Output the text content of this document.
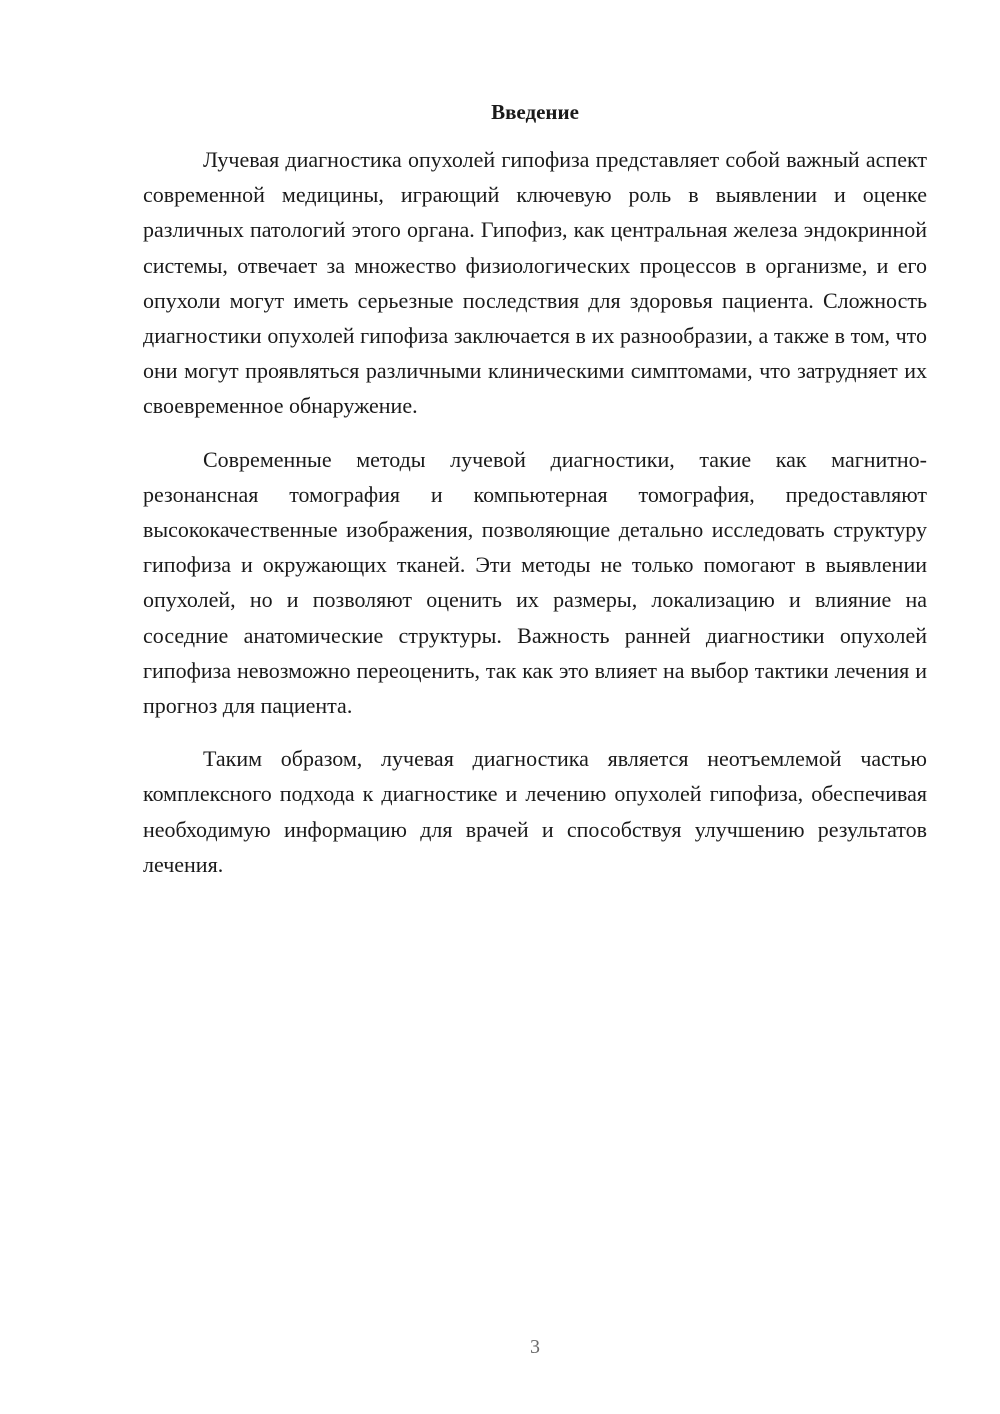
Введение

Лучевая диагностика опухолей гипофиза представляет собой важный аспект современной медицины, играющий ключевую роль в выявлении и оценке различных патологий этого органа. Гипофиз, как центральная железа эндокринной системы, отвечает за множество физиологических процессов в организме, и его опухоли могут иметь серьезные последствия для здоровья пациента. Сложность диагностики опухолей гипофиза заключается в их разнообразии, а также в том, что они могут проявляться различными клиническими симптомами, что затрудняет их своевременное обнаружение.

Современные методы лучевой диагностики, такие как магнитно-резонансная томография и компьютерная томография, предоставляют высококачественные изображения, позволяющие детально исследовать структуру гипофиза и окружающих тканей. Эти методы не только помогают в выявлении опухолей, но и позволяют оценить их размеры, локализацию и влияние на соседние анатомические структуры. Важность ранней диагностики опухолей гипофиза невозможно переоценить, так как это влияет на выбор тактики лечения и прогноз для пациента.

Таким образом, лучевая диагностика является неотъемлемой частью комплексного подхода к диагностике и лечению опухолей гипофиза, обеспечивая необходимую информацию для врачей и способствуя улучшению результатов лечения.

3
